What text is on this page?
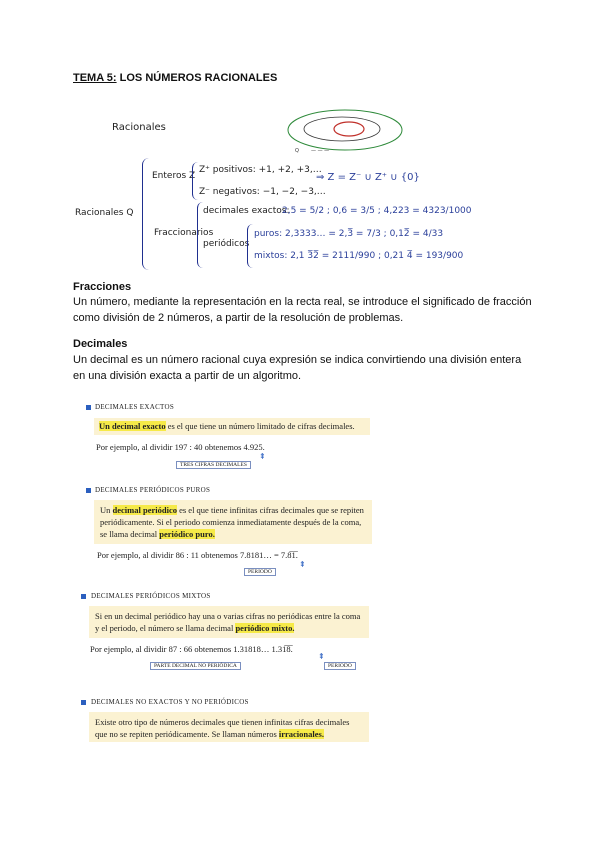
TEMA 5: LOS NÚMEROS RACIONALES
Racionales
Q — — —
Racionales Q
Enteros Z
Z⁺ positivos: +1, +2, +3,…
⇒ Z = Z⁻ ∪ Z⁺ ∪ {0}
Z⁻ negativos: −1, −2, −3,…
Fraccionarios
decimales exactos:
2,5 = 5/2 ; 0,6 = 3/5 ; 4,223 = 4323/1000
periódicos
puros: 2,3333… = 2,3̅ = 7/3 ; 0,12̅ = 4/33
mixtos: 2,1 3̅2̅ = 2111/990 ; 0,21 4̅ = 193/900
Fracciones
Un número, mediante la representación en la recta real, se introduce el significado de fracción como división de 2 números, a partir de la resolución de problemas.
Decimales
Un decimal es un número racional cuya expresión se indica convirtiendo una división entera en una división exacta a partir de un algoritmo.
DECIMALES EXACTOS
Un decimal exacto es el que tiene un número limitado de cifras decimales.
Por ejemplo, al dividir 197 : 40 obtenemos 4.925.
⇞
TRES CIFRAS DECIMALES
DECIMALES PERIÓDICOS PUROS
Un decimal periódico es el que tiene infinitas cifras decimales que se repiten periódicamente. Si el periodo comienza inmediatamente después de la coma, se llama decimal periódico puro.
Por ejemplo, al dividir 86 : 11 obtenemos 7.8181… = 7.8̅1̅.
⇞
PERIODO
DECIMALES PERIÓDICOS MIXTOS
Si en un decimal periódico hay una o varias cifras no periódicas entre la coma y el periodo, el número se llama decimal periódico mixto.
Por ejemplo, al dividir 87 : 66 obtenemos 1.31818… 1.31̅8̅.
⇞
PARTE DECIMAL NO PERIÓDICA	PERIODO
DECIMALES NO EXACTOS Y NO PERIÓDICOS
Existe otro tipo de números decimales que tienen infinitas cifras decimales que no se repiten periódicamente. Se llaman números irracionales.
